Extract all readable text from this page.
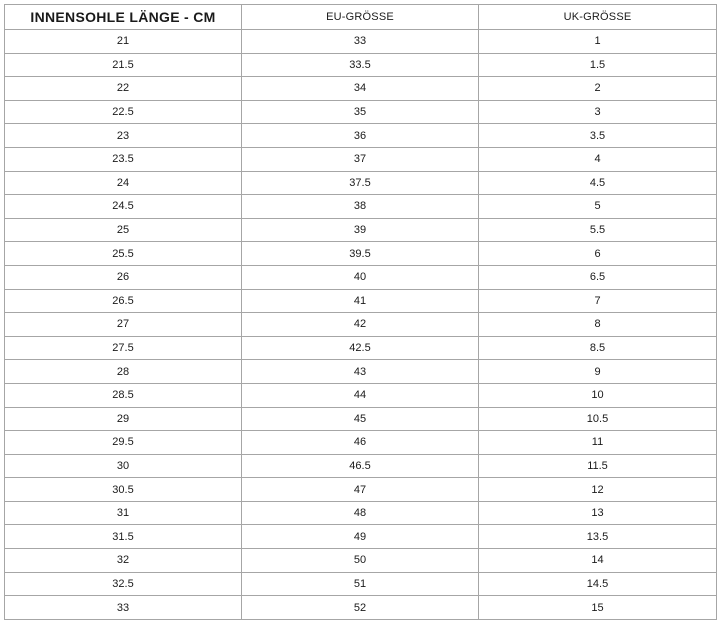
INNENSOHLE LÄNGE - CM	EU-GRÖSSE	UK-GRÖSSE
21	33	1
21.5	33.5	1.5
22	34	2
22.5	35	3
23	36	3.5
23.5	37	4
24	37.5	4.5
24.5	38	5
25	39	5.5
25.5	39.5	6
26	40	6.5
26.5	41	7
27	42	8
27.5	42.5	8.5
28	43	9
28.5	44	10
29	45	10.5
29.5	46	11
30	46.5	11.5
30.5	47	12
31	48	13
31.5	49	13.5
32	50	14
32.5	51	14.5
33	52	15
